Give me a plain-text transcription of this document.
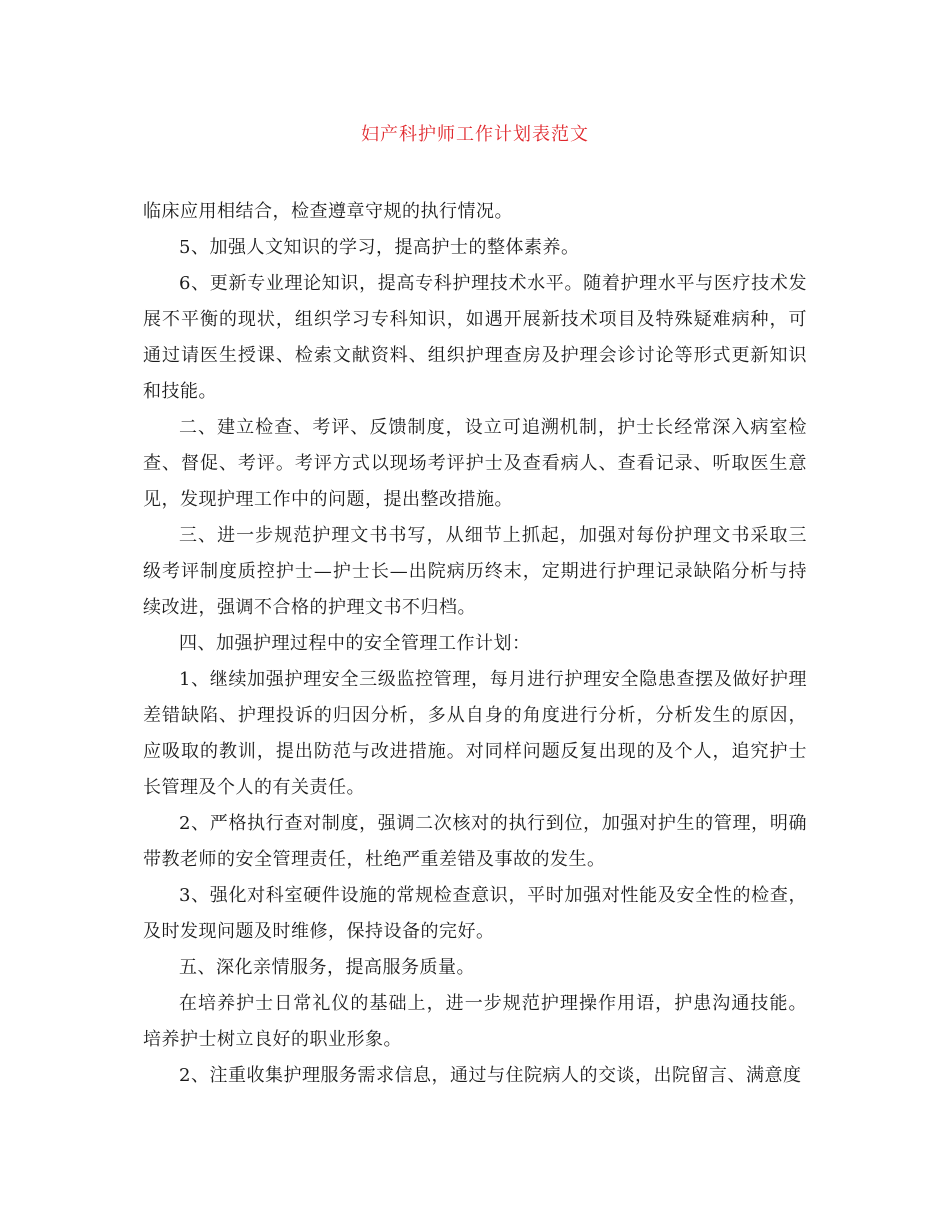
妇产科护师工作计划表范文

临床应用相结合，检查遵章守规的执行情况。

5、加强人文知识的学习，提高护士的整体素养。

6、更新专业理论知识，提高专科护理技术水平。随着护理水平与医疗技术发展不平衡的现状，组织学习专科知识，如遇开展新技术项目及特殊疑难病种，可通过请医生授课、检索文献资料、组织护理查房及护理会诊讨论等形式更新知识和技能。

二、建立检查、考评、反馈制度，设立可追溯机制，护士长经常深入病室检查、督促、考评。考评方式以现场考评护士及查看病人、查看记录、听取医生意见，发现护理工作中的问题，提出整改措施。

三、进一步规范护理文书书写，从细节上抓起，加强对每份护理文书采取三级考评制度质控护士—护士长—出院病历终末，定期进行护理记录缺陷分析与持续改进，强调不合格的护理文书不归档。

四、加强护理过程中的安全管理工作计划：

1、继续加强护理安全三级监控管理，每月进行护理安全隐患查摆及做好护理差错缺陷、护理投诉的归因分析，多从自身的角度进行分析，分析发生的原因，应吸取的教训，提出防范与改进措施。对同样问题反复出现的及个人，追究护士长管理及个人的有关责任。

2、严格执行查对制度，强调二次核对的执行到位，加强对护生的管理，明确带教老师的安全管理责任，杜绝严重差错及事故的发生。

3、强化对科室硬件设施的常规检查意识，平时加强对性能及安全性的检查，及时发现问题及时维修，保持设备的完好。

五、深化亲情服务，提高服务质量。

在培养护士日常礼仪的基础上，进一步规范护理操作用语，护患沟通技能。培养护士树立良好的职业形象。

2、注重收集护理服务需求信息，通过与住院病人的交谈，出院留言、满意度
